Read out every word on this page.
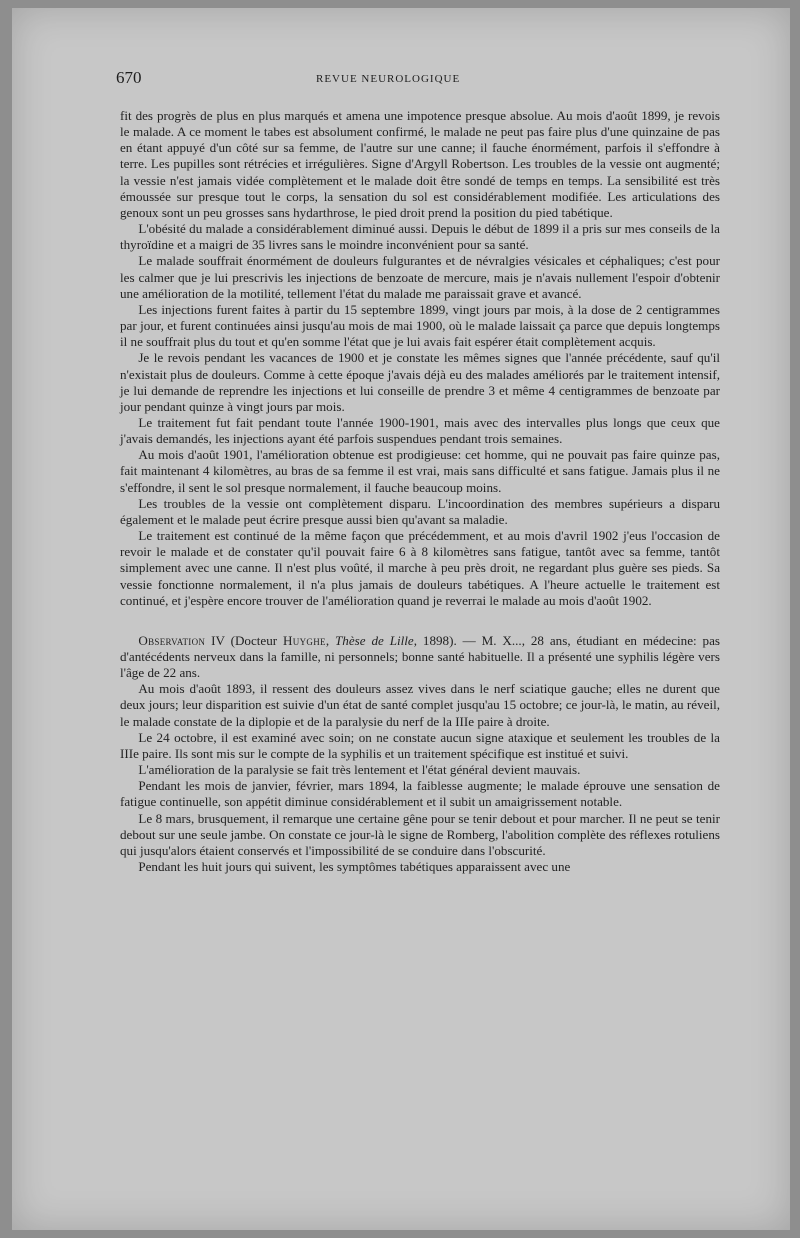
670	REVUE NEUROLOGIQUE

fit des progrès de plus en plus marqués et amena une impotence presque absolue. Au mois d'août 1899, je revois le malade. A ce moment le tabes est absolument confirmé, le malade ne peut pas faire plus d'une quinzaine de pas en étant appuyé d'un côté sur sa femme, de l'autre sur une canne; il fauche énormément, parfois il s'effondre à terre. Les pupilles sont rétrécies et irrégulières. Signe d'Argyll Robertson. Les troubles de la vessie ont augmenté; la vessie n'est jamais vidée complètement et le malade doit être sondé de temps en temps. La sensibilité est très émoussée sur presque tout le corps, la sensation du sol est considérablement modifiée. Les articulations des genoux sont un peu grosses sans hydarthrose, le pied droit prend la position du pied tabétique.

L'obésité du malade a considérablement diminué aussi. Depuis le début de 1899 il a pris sur mes conseils de la thyroïdine et a maigri de 35 livres sans le moindre inconvénient pour sa santé.

Le malade souffrait énormément de douleurs fulgurantes et de névralgies vésicales et céphaliques; c'est pour les calmer que je lui prescrivis les injections de benzoate de mercure, mais je n'avais nullement l'espoir d'obtenir une amélioration de la motilité, tellement l'état du malade me paraissait grave et avancé.

Les injections furent faites à partir du 15 septembre 1899, vingt jours par mois, à la dose de 2 centigrammes par jour, et furent continuées ainsi jusqu'au mois de mai 1900, où le malade laissait ça parce que depuis longtemps il ne souffrait plus du tout et qu'en somme l'état que je lui avais fait espérer était complètement acquis.

Je le revois pendant les vacances de 1900 et je constate les mêmes signes que l'année précédente, sauf qu'il n'existait plus de douleurs. Comme à cette époque j'avais déjà eu des malades améliorés par le traitement intensif, je lui demande de reprendre les injections et lui conseille de prendre 3 et même 4 centigrammes de benzoate par jour pendant quinze à vingt jours par mois.

Le traitement fut fait pendant toute l'année 1900-1901, mais avec des intervalles plus longs que ceux que j'avais demandés, les injections ayant été parfois suspendues pendant trois semaines.

Au mois d'août 1901, l'amélioration obtenue est prodigieuse: cet homme, qui ne pouvait pas faire quinze pas, fait maintenant 4 kilomètres, au bras de sa femme il est vrai, mais sans difficulté et sans fatigue. Jamais plus il ne s'effondre, il sent le sol presque normalement, il fauche beaucoup moins.

Les troubles de la vessie ont complètement disparu. L'incoordination des membres supérieurs a disparu également et le malade peut écrire presque aussi bien qu'avant sa maladie.

Le traitement est continué de la même façon que précédemment, et au mois d'avril 1902 j'eus l'occasion de revoir le malade et de constater qu'il pouvait faire 6 à 8 kilomètres sans fatigue, tantôt avec sa femme, tantôt simplement avec une canne. Il n'est plus voûté, il marche à peu près droit, ne regardant plus guère ses pieds. Sa vessie fonctionne normalement, il n'a plus jamais de douleurs tabétiques. A l'heure actuelle le traitement est continué, et j'espère encore trouver de l'amélioration quand je reverrai le malade au mois d'août 1902.

Observation IV (Docteur Huyghe, Thèse de Lille, 1898). — M. X..., 28 ans, étudiant en médecine: pas d'antécédents nerveux dans la famille, ni personnels; bonne santé habituelle. Il a présenté une syphilis légère vers l'âge de 22 ans.

Au mois d'août 1893, il ressent des douleurs assez vives dans le nerf sciatique gauche; elles ne durent que deux jours; leur disparition est suivie d'un état de santé complet jusqu'au 15 octobre; ce jour-là, le matin, au réveil, le malade constate de la diplopie et de la paralysie du nerf de la IIIe paire à droite.

Le 24 octobre, il est examiné avec soin; on ne constate aucun signe ataxique et seulement les troubles de la IIIe paire. Ils sont mis sur le compte de la syphilis et un traitement spécifique est institué et suivi.

L'amélioration de la paralysie se fait très lentement et l'état général devient mauvais.

Pendant les mois de janvier, février, mars 1894, la faiblesse augmente; le malade éprouve une sensation de fatigue continuelle, son appétit diminue considérablement et il subit un amaigrissement notable.

Le 8 mars, brusquement, il remarque une certaine gêne pour se tenir debout et pour marcher. Il ne peut se tenir debout sur une seule jambe. On constate ce jour-là le signe de Romberg, l'abolition complète des réflexes rotuliens qui jusqu'alors étaient conservés et l'impossibilité de se conduire dans l'obscurité.

Pendant les huit jours qui suivent, les symptômes tabétiques apparaissent avec une
